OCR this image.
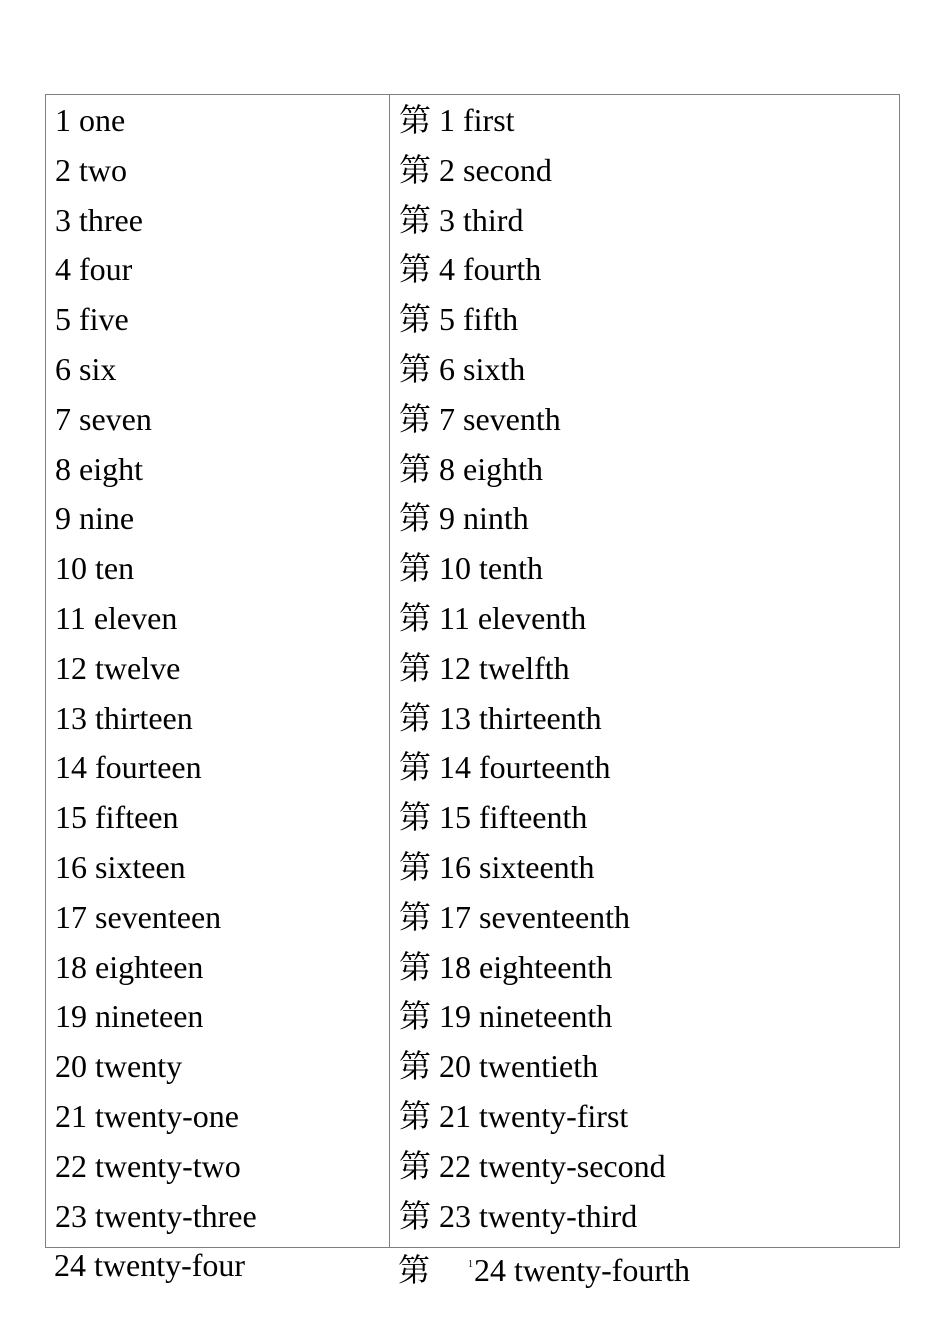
1 one
2 two
3 three
4 four
5 five
6 six
7 seven
8 eight
9 nine
10 ten
11 eleven
12 twelve
13 thirteen
14 fourteen
15 fifteen
16 sixteen
17 seventeen
18 eighteen
19 nineteen
20 twenty
21 twenty-one
22 twenty-two
23 twenty-three
第 1 first
第 2 second
第 3 third
第 4 fourth
第 5 fifth
第 6 sixth
第 7 seventh
第 8 eighth
第 9 ninth
第 10 tenth
第 11 eleventh
第 12 twelfth
第 13 thirteenth
第 14 fourteenth
第 15 fifteenth
第 16 sixteenth
第 17 seventeenth
第 18 eighteenth
第 19 nineteenth
第 20 twentieth
第 21 twenty-first
第 22 twenty-second
第 23 twenty-third
24 twenty-four	第	$^1$24 twenty-fourth
